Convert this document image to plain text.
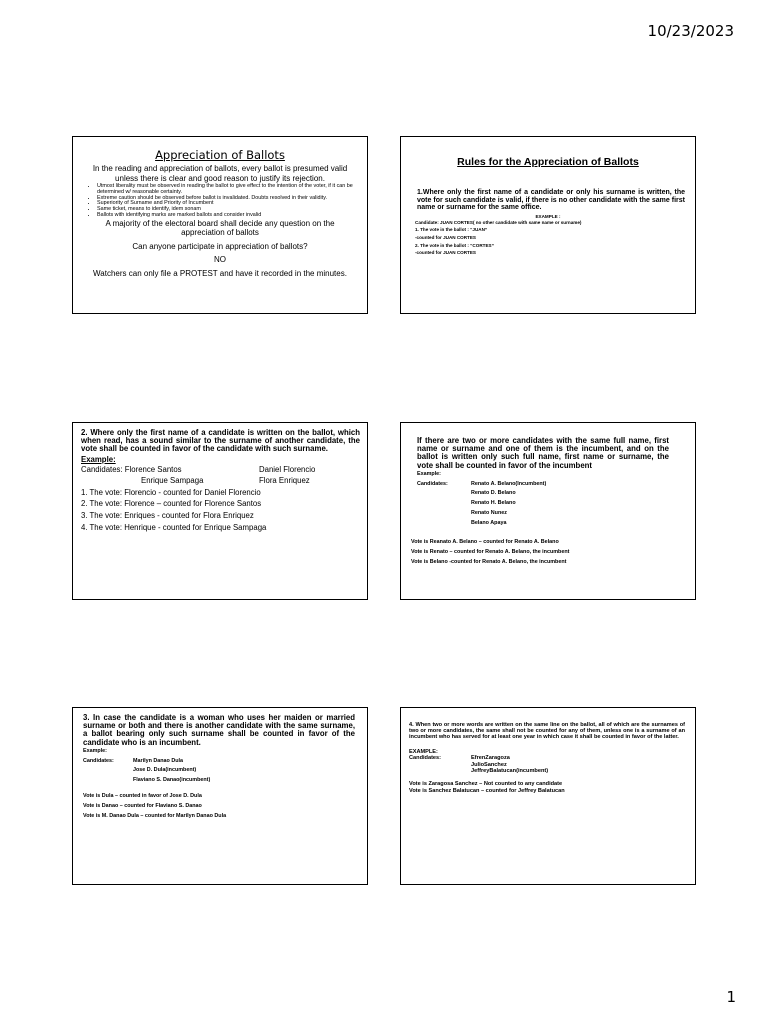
10/23/2023
Appreciation of Ballots
In the reading and appreciation of ballots, every ballot is presumed valid unless there is clear and good reason to justify its rejection.
• Utmost liberality must be observed in reading the ballot to give effect to the intention of the voter, if it can be determined w/ reasonable certainty.
• Extreme caution should be observed before ballot is invalidated. Doubts resolved in their validity.
• Superiority of Surname and Priority of Incumbent
• Same ticket, means to identify, idem sonam
• Ballots with identifying marks are marked ballots and consider invalid
A majority of the electoral board shall decide any question on the appreciation of ballots
Can anyone participate in appreciation of ballots?
NO
Watchers can only file a PROTEST and have it recorded in the minutes.
Rules for the Appreciation of Ballots
1.Where only the first name of a candidate or only his surname is written, the vote for such candidate is valid, if there is no other candidate with the same first name or surname for the same office.
EXAMPLE :
Candidate: JUAN CORTES( no other candidate with same name or surname)
1. The vote in the ballot : “JUAN”
-counted for JUAN CORTES
2. The vote in the ballot : “CORTES”
-counted for JUAN CORTES
2. Where only the first name of a candidate is written on the ballot, which when read, has a sound similar to the surname of another candidate, the vote shall be counted in favor of the candidate with such surname.
Example:
Candidates: Florence Santos	Daniel Florencio
Enrique Sampaga	Flora Enriquez
1. The vote: Florencio - counted for Daniel Florencio
2. The vote: Florence – counted for Florence Santos
3. The vote: Enriques - counted for Flora Enriquez
4. The vote: Henrique - counted for Enrique Sampaga
If there are two or more candidates with the same full name, first name or surname and one of them is the incumbent, and on the ballot is written only such full name, first name or surname, the vote shall be counted in favor of the incumbent
Example:
Candidates:	Renato A. Belano(Incumbent)
Renato D. Belano
Renato H. Belano
Renato Nunez
Belano Apaya
Vote is Reanato A. Belano – counted for Renato A. Belano
Vote is Renato – counted for Renato A. Belano, the incumbent
Vote is Belano -counted for Renato A. Belano, the incumbent
3. In case the candidate is a woman who uses her maiden or married surname or both and there is another candidate with the same surname, a ballot bearing only such surname shall be counted in favor of the candidate who is an incumbent.
Example:
Candidates:	Marilyn Danao Dula
Jose D. Dula(incumbent)
Flaviano S. Danao(incumbent)
Vote is Dula – counted in favor of Jose D. Dula
Vote is Danao – counted for Flaviano S. Danao
Vote is M. Danao Dula – counted for Marilyn Danao Dula
4. When two or more words are written on the same line on the ballot, all of which are the surnames of two or more candidates, the same shall not be counted for any of them, unless one is a surname of an incumbent who has served for at least one year in which case it shall be counted in favor of the latter.
EXAMPLE:
Candidates:	EfrenZaragoza
JulioSanchez
JeffreyBalatucan(incumbent)
Vote is Zaragosa Sanchez – Not counted to any candidate
Vote is Sanchez Balatucan – counted for Jeffrey Balatucan
1
